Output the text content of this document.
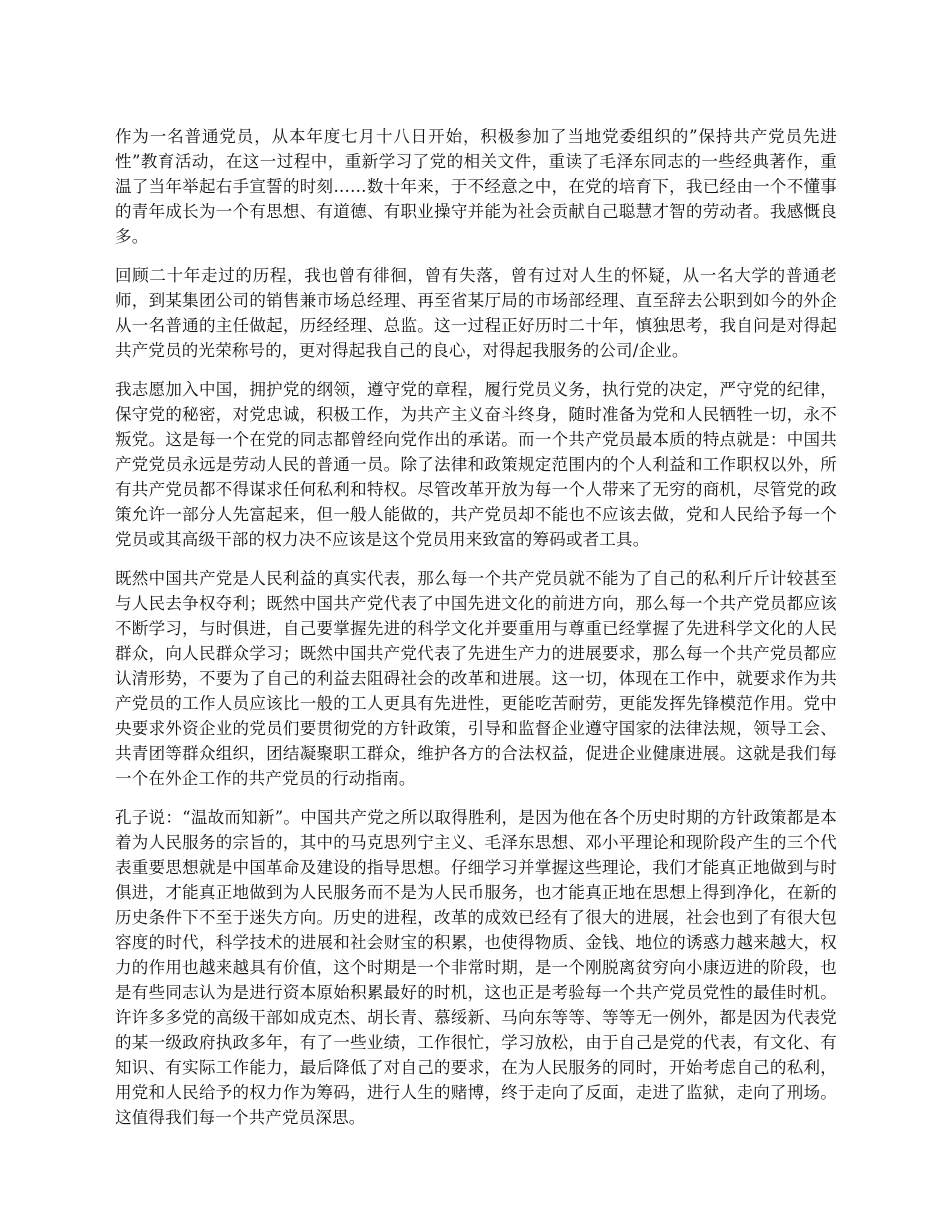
作为一名普通党员，从本年度七月十八日开始，积极参加了当地党委组织的”保持共产党员先进性”教育活动，在这一过程中，重新学习了党的相关文件，重读了毛泽东同志的一些经典著作，重温了当年举起右手宣誓的时刻……数十年来，于不经意之中，在党的培育下，我已经由一个不懂事的青年成长为一个有思想、有道德、有职业操守并能为社会贡献自己聪慧才智的劳动者。我感慨良多。

回顾二十年走过的历程，我也曾有徘徊，曾有失落，曾有过对人生的怀疑，从一名大学的普通老师，到某集团公司的销售兼市场总经理、再至省某厅局的市场部经理、直至辞去公职到如今的外企从一名普通的主任做起，历经经理、总监。这一过程正好历时二十年，慎独思考，我自问是对得起共产党员的光荣称号的，更对得起我自己的良心，对得起我服务的公司/企业。

我志愿加入中国，拥护党的纲领，遵守党的章程，履行党员义务，执行党的决定，严守党的纪律，保守党的秘密，对党忠诚，积极工作，为共产主义奋斗终身，随时准备为党和人民牺牲一切，永不叛党。这是每一个在党的同志都曾经向党作出的承诺。而一个共产党员最本质的特点就是：中国共产党党员永远是劳动人民的普通一员。除了法律和政策规定范围内的个人利益和工作职权以外，所有共产党员都不得谋求任何私利和特权。尽管改革开放为每一个人带来了无穷的商机，尽管党的政策允许一部分人先富起来，但一般人能做的，共产党员却不能也不应该去做，党和人民给予每一个党员或其高级干部的权力决不应该是这个党员用来致富的筹码或者工具。

既然中国共产党是人民利益的真实代表，那么每一个共产党员就不能为了自己的私利斤斤计较甚至与人民去争权夺利；既然中国共产党代表了中国先进文化的前进方向，那么每一个共产党员都应该不断学习，与时俱进，自己要掌握先进的科学文化并要重用与尊重已经掌握了先进科学文化的人民群众，向人民群众学习；既然中国共产党代表了先进生产力的进展要求，那么每一个共产党员都应认清形势，不要为了自己的利益去阻碍社会的改革和进展。这一切，体现在工作中，就要求作为共产党员的工作人员应该比一般的工人更具有先进性，更能吃苦耐劳，更能发挥先锋模范作用。党中央要求外资企业的党员们要贯彻党的方针政策，引导和监督企业遵守国家的法律法规，领导工会、共青团等群众组织，团结凝聚职工群众，维护各方的合法权益，促进企业健康进展。这就是我们每一个在外企工作的共产党员的行动指南。

孔子说：“温故而知新”。中国共产党之所以取得胜利，是因为他在各个历史时期的方针政策都是本着为人民服务的宗旨的，其中的马克思列宁主义、毛泽东思想、邓小平理论和现阶段产生的三个代表重要思想就是中国革命及建设的指导思想。仔细学习并掌握这些理论，我们才能真正地做到与时俱进，才能真正地做到为人民服务而不是为人民币服务，也才能真正地在思想上得到净化，在新的历史条件下不至于迷失方向。历史的进程，改革的成效已经有了很大的进展，社会也到了有很大包容度的时代，科学技术的进展和社会财宝的积累，也使得物质、金钱、地位的诱惑力越来越大，权力的作用也越来越具有价值，这个时期是一个非常时期，是一个刚脱离贫穷向小康迈进的阶段，也是有些同志认为是进行资本原始积累最好的时机，这也正是考验每一个共产党员党性的最佳时机。许许多多党的高级干部如成克杰、胡长青、慕绥新、马向东等等、等等无一例外，都是因为代表党的某一级政府执政多年，有了一些业绩，工作很忙，学习放松，由于自己是党的代表，有文化、有知识、有实际工作能力，最后降低了对自己的要求，在为人民服务的同时，开始考虑自己的私利，用党和人民给予的权力作为筹码，进行人生的赌博，终于走向了反面，走进了监狱，走向了刑场。这值得我们每一个共产党员深思。
